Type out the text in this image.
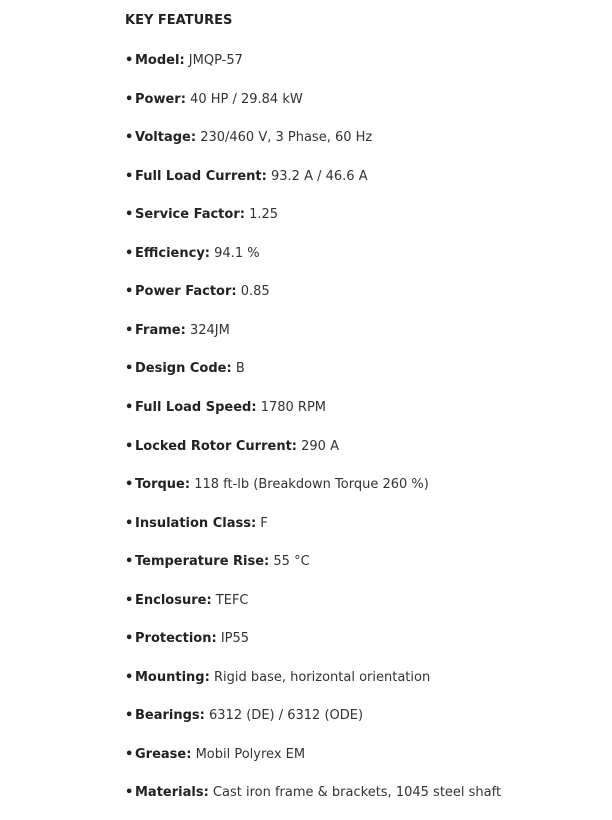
KEY FEATURES
• Model: JMQP-57
• Power: 40 HP / 29.84 kW
• Voltage: 230/460 V, 3 Phase, 60 Hz
• Full Load Current: 93.2 A / 46.6 A
• Service Factor: 1.25
• Efficiency: 94.1 %
• Power Factor: 0.85
• Frame: 324JM
• Design Code: B
• Full Load Speed: 1780 RPM
• Locked Rotor Current: 290 A
• Torque: 118 ft-lb (Breakdown Torque 260 %)
• Insulation Class: F
• Temperature Rise: 55 °C
• Enclosure: TEFC
• Protection: IP55
• Mounting: Rigid base, horizontal orientation
• Bearings: 6312 (DE) / 6312 (ODE)
• Grease: Mobil Polyrex EM
• Materials: Cast iron frame & brackets, 1045 steel shaft
